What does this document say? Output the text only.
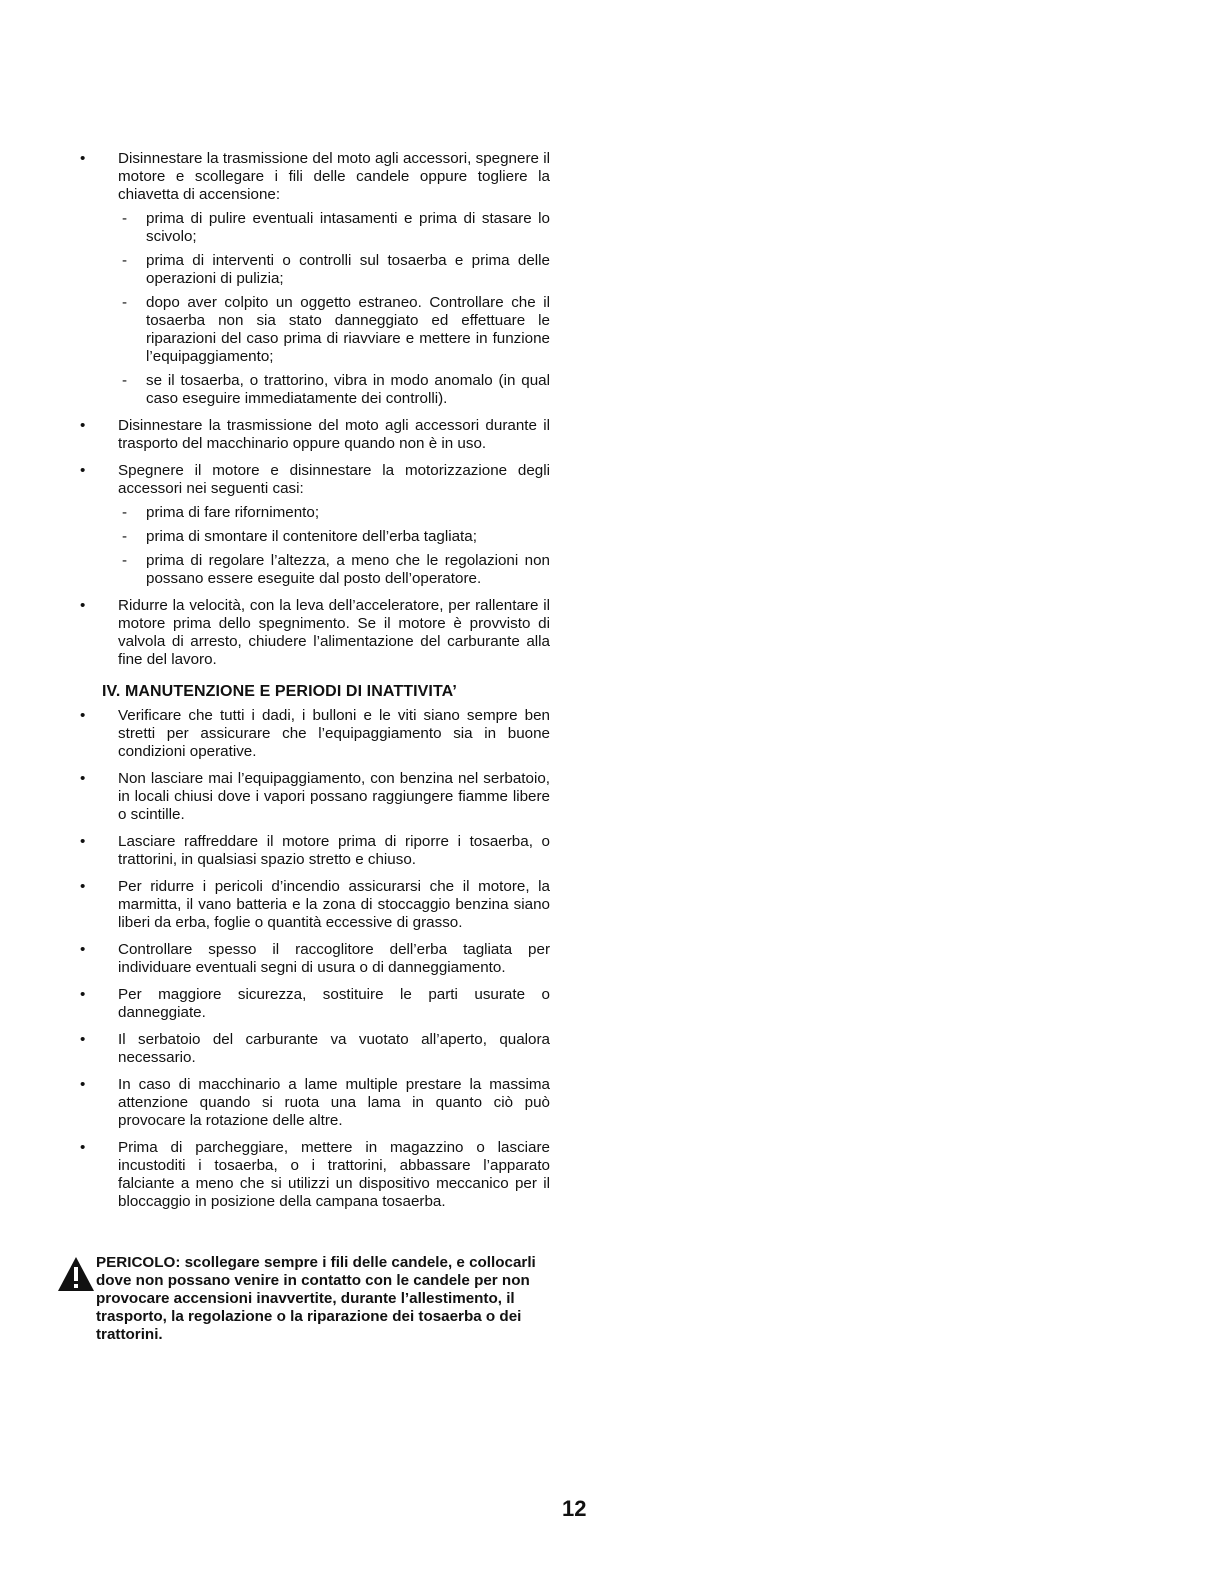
•	Disinnestare la trasmissione del moto agli accessori, spegnere il motore e scollegare i fili delle candele oppure togliere la chiavetta di accensione:
- prima di pulire eventuali intasamenti e prima di stasare lo scivolo;
- prima di interventi o controlli sul tosaerba e prima delle operazioni di pulizia;
- dopo aver colpito un oggetto estraneo. Controllare che il tosaerba non sia stato danneggiato ed effettuare le riparazioni del caso prima di riavviare e mettere in funzione l’equipaggiamento;
- se il tosaerba, o trattorino, vibra in modo anomalo (in qual caso eseguire immediatamente dei controlli).
•	Disinnestare la trasmissione del moto agli accessori durante il trasporto del macchinario oppure quando non è in uso.
•	Spegnere il motore e disinnestare la motorizzazione degli accessori nei seguenti casi:
- prima di fare rifornimento;
- prima di smontare il contenitore dell’erba tagliata;
- prima di regolare l’altezza, a meno che le regolazioni non possano essere eseguite dal posto dell’operatore.
•	Ridurre la velocità, con la leva dell’acceleratore, per rallentare il motore prima dello spegnimento. Se il motore è provvisto di valvola di arresto, chiudere l’alimentazione del carburante alla fine del lavoro.
IV. MANUTENZIONE E PERIODI DI INATTIVITA’
•	Verificare che tutti i dadi, i bulloni e le viti siano sempre ben stretti per assicurare che l’equipaggiamento sia in buone condizioni operative.
•	Non lasciare mai l’equipaggiamento, con benzina nel serbatoio, in locali chiusi dove i vapori possano raggiungere fiamme libere o scintille.
•	Lasciare raffreddare il motore prima di riporre i tosaerba, o trattorini, in qualsiasi spazio stretto e chiuso.
•	Per ridurre i pericoli d’incendio assicurarsi che il motore, la marmitta, il vano batteria e la zona di stoccaggio benzina siano liberi da erba, foglie o quantità eccessive di grasso.
•	Controllare spesso il raccoglitore dell’erba tagliata per individuare eventuali segni di usura o di danneggiamento.
•	Per maggiore sicurezza, sostituire le parti usurate o danneggiate.
•	Il serbatoio del carburante va vuotato all’aperto, qualora necessario.
•	In caso di macchinario a lame multiple prestare la massima attenzione quando si ruota una lama in quanto ciò può provocare la rotazione delle altre.
•	Prima di parcheggiare, mettere in magazzino o lasciare incustoditi i tosaerba, o i trattorini, abbassare l’apparato falciante a meno che si utilizzi un dispositivo meccanico per il bloccaggio in posizione della campana tosaerba.
PERICOLO: scollegare sempre i fili delle candele, e collocarli dove non possano venire in contatto con le candele per non provocare accensioni inavvertite, durante l’allestimento, il trasporto, la regolazione o la riparazione dei tosaerba o dei trattorini.
12
